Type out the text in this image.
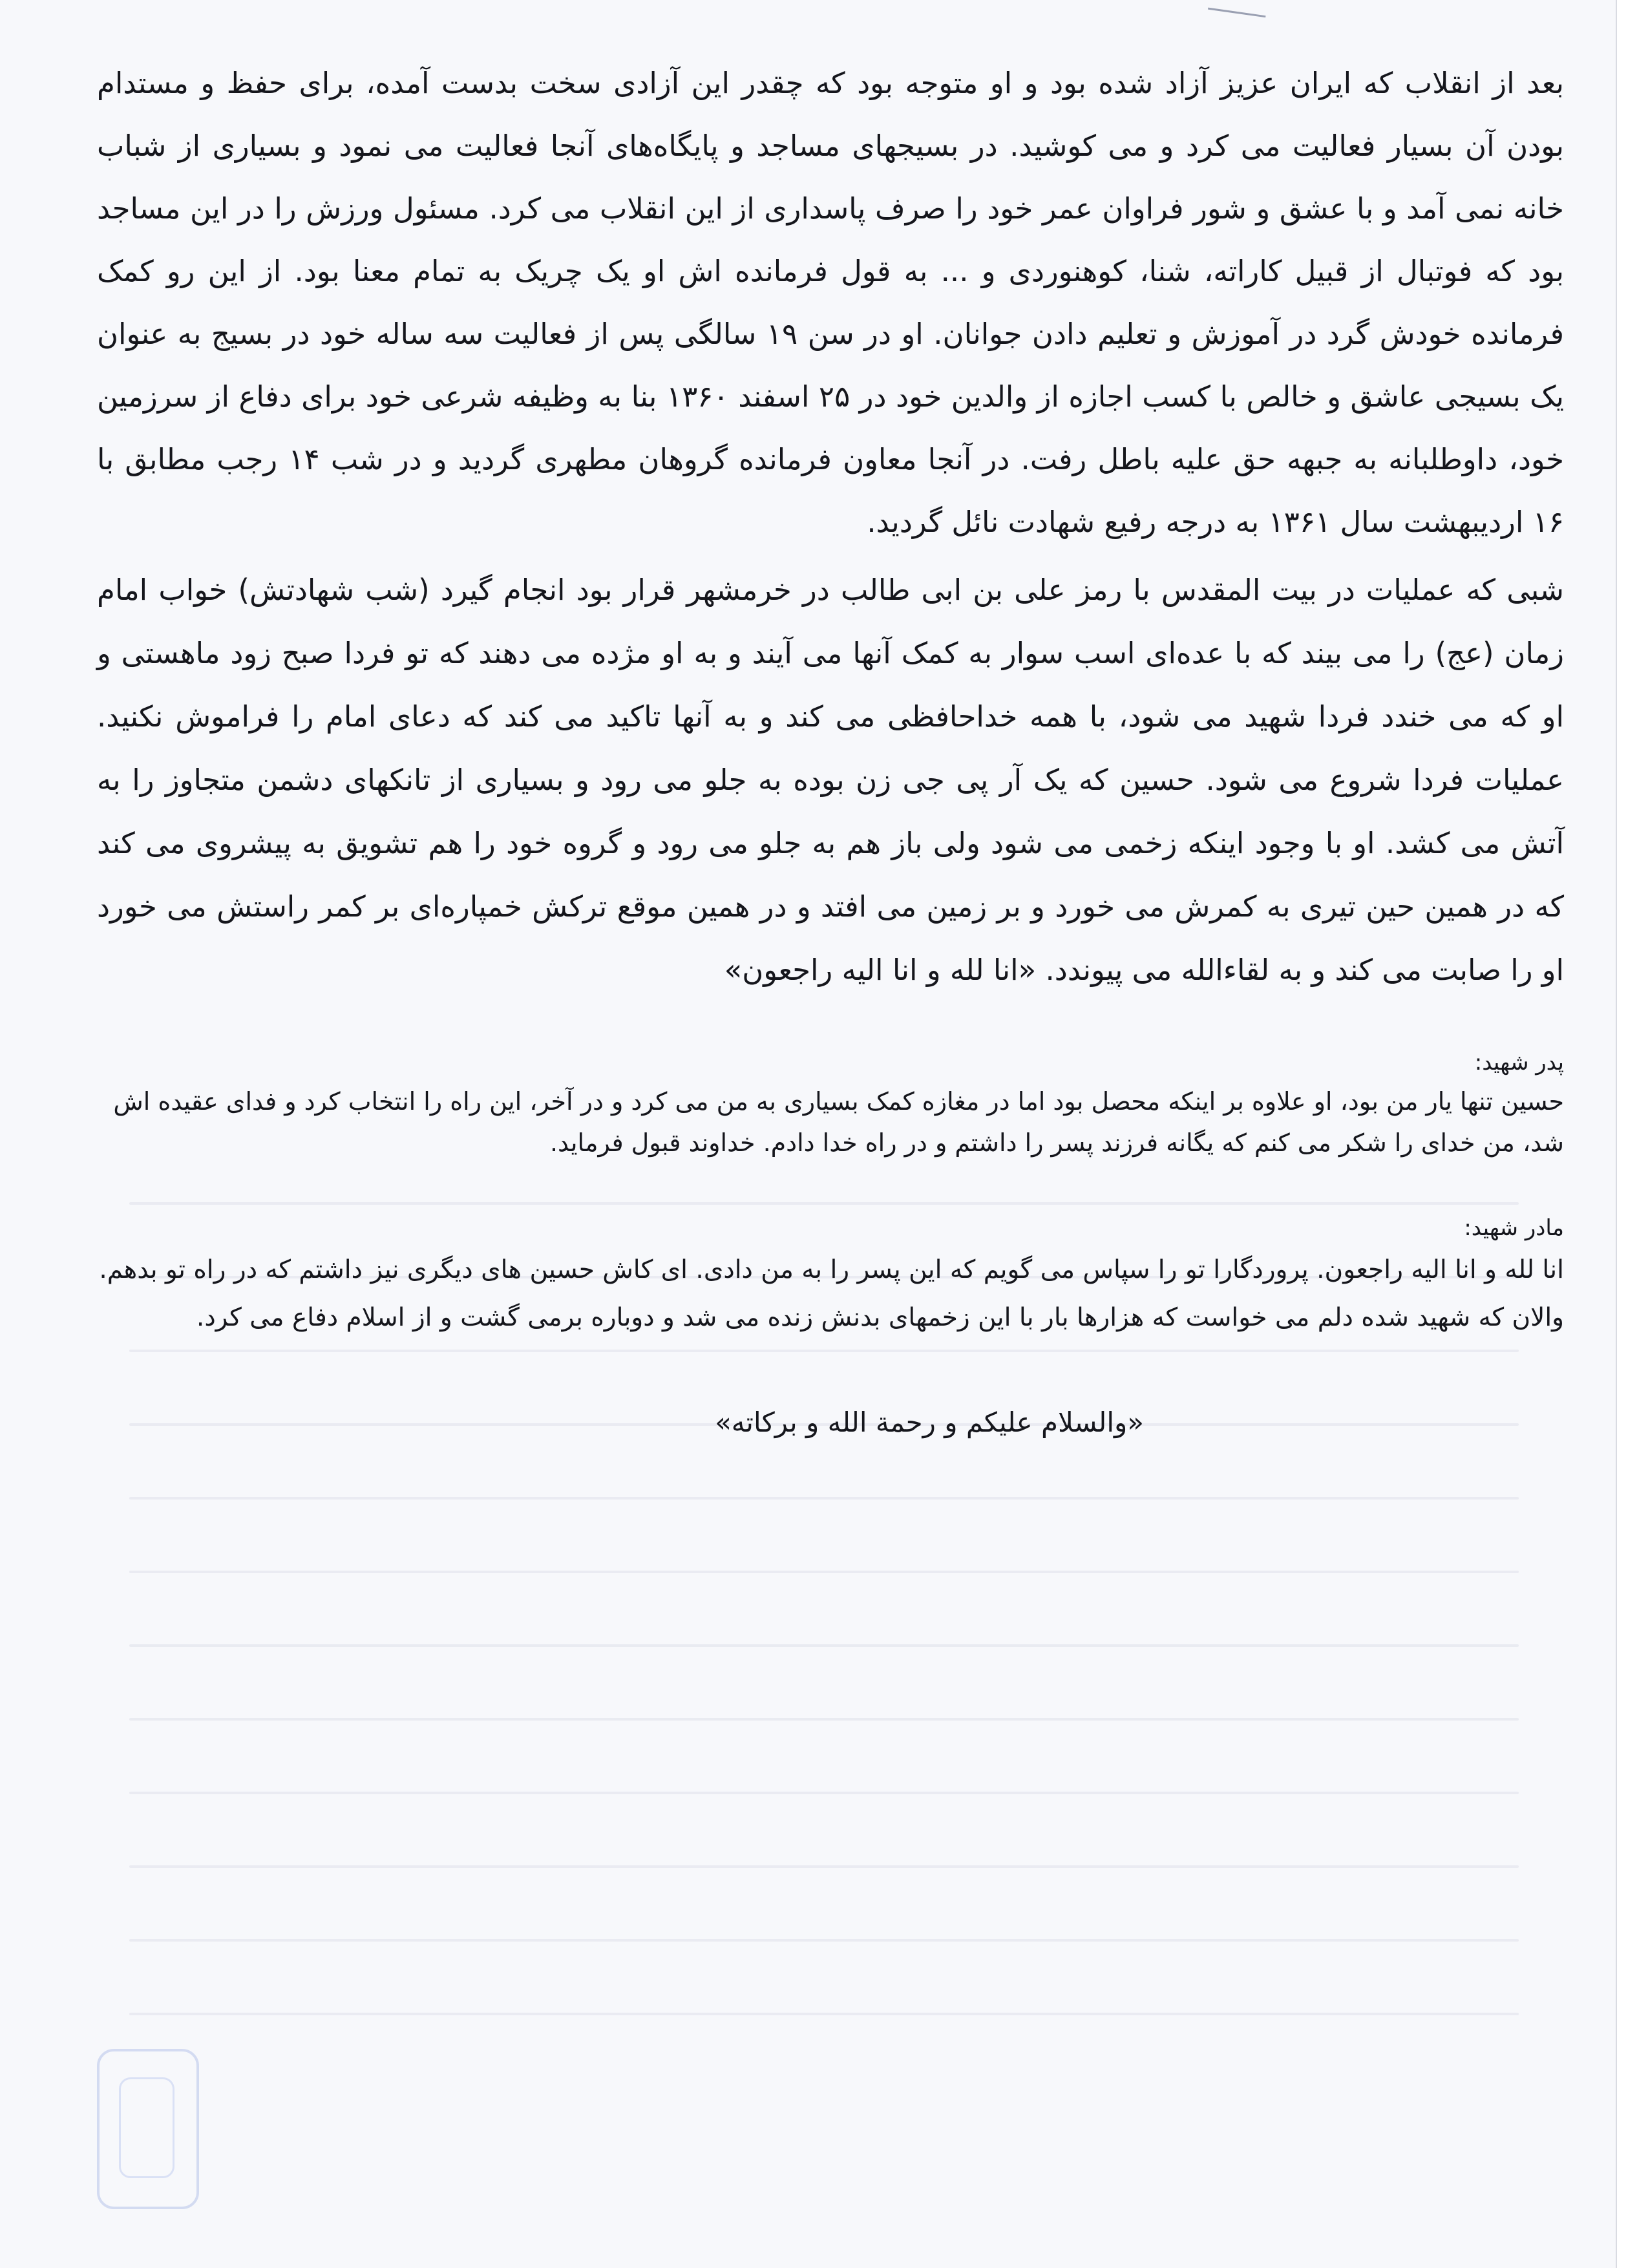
بعد از انقلاب که ایران عزیز آزاد شده بود و او متوجه بود که چقدر این آزادی سخت بدست آمده، برای حفظ و مستدام بودن آن بسیار فعالیت می کرد و می کوشید. در بسیجهای مساجد و پایگاه‌های آنجا فعالیت می نمود و بسیاری از شباب خانه نمی آمد و با عشق و شور فراوان عمر خود را صرف پاسداری از این انقلاب می کرد. مسئول ورزش را در این مساجد بود که فوتبال از قبیل کاراته، شنا، کوهنوردی و ... به قول فرمانده اش او یک چریک به تمام معنا بود. از این رو کمک فرمانده خودش گرد در آموزش و تعلیم دادن جوانان. او در سن ۱۹ سالگی پس از فعالیت سه ساله خود در بسیج به عنوان یک بسیجی عاشق و خالص با کسب اجازه از والدین خود در ۲۵ اسفند ۱۳۶۰ بنا به وظیفه شرعی خود برای دفاع از سرزمین خود، داوطلبانه به جبهه حق علیه باطل رفت. در آنجا معاون فرمانده گروهان مطهری گردید و در شب ۱۴ رجب مطابق با ۱۶ اردیبهشت سال ۱۳۶۱ به درجه رفیع شهادت نائل گردید.

شبی که عملیات در بیت المقدس با رمز علی بن ابی طالب در خرمشهر قرار بود انجام گیرد (شب شهادتش) خواب امام زمان (عج) را می بیند که با عده‌ای اسب سوار به کمک آنها می آیند و به او مژده می دهند که تو فردا صبح زود ماهستی و او که می خندد فردا شهید می شود، با همه خداحافظی می کند و به آنها تاکید می کند که دعای امام را فراموش نکنید. عملیات فردا شروع می شود. حسین که یک آر پی جی زن بوده به جلو می رود و بسیاری از تانکهای دشمن متجاوز را به آتش می کشد. او با وجود اینکه زخمی می شود ولی باز هم به جلو می رود و گروه خود را هم تشویق به پیشروی می کند که در همین حین تیری به کمرش می خورد و بر زمین می افتد و در همین موقع ترکش خمپاره‌ای بر کمر راستش می خورد او را صابت می کند و به لقاءالله می پیوندد. «انا لله و انا الیه راجعون»

پدر شهید:

حسین تنها یار من بود، او علاوه بر اینکه محصل بود اما در مغازه کمک بسیاری به من می کرد و در آخر، این راه را انتخاب کرد و فدای عقیده اش شد، من خدای را شکر می کنم که یگانه فرزند پسر را داشتم و در راه خدا دادم. خداوند قبول فرماید.

مادر شهید:

انا لله و انا الیه راجعون. پروردگارا تو را سپاس می گویم که این پسر را به من دادی. ای کاش حسین های دیگری نیز داشتم که در راه تو بدهم. والان که شهید شده دلم می خواست که هزارها بار با این زخمهای بدنش زنده می شد و دوباره برمی گشت و از اسلام دفاع می کرد.

«والسلام علیکم و رحمة الله و برکاته»
